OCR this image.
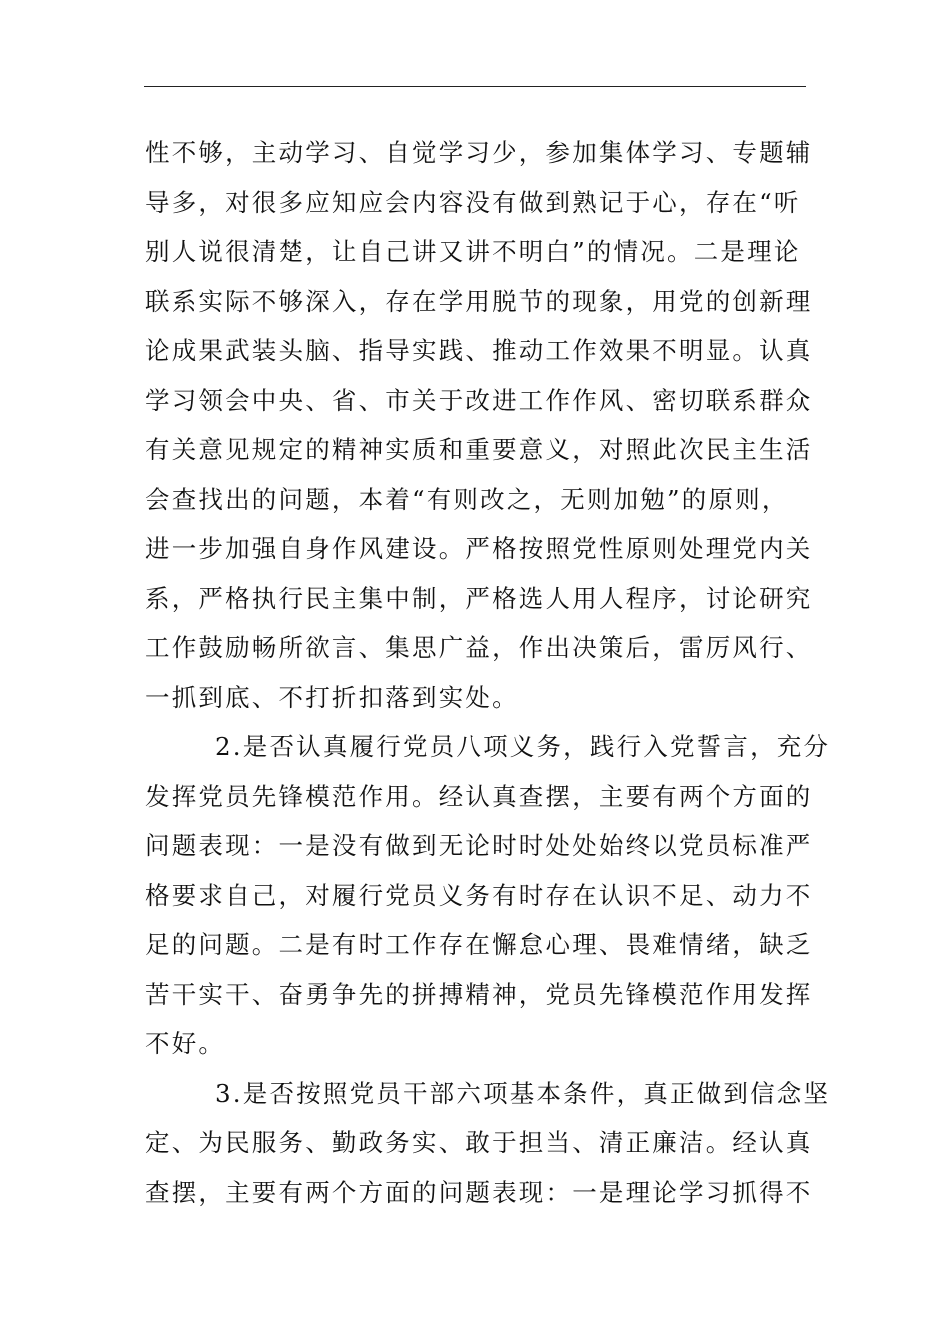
性不够，主动学习、自觉学习少，参加集体学习、专题辅
导多，对很多应知应会内容没有做到熟记于心，存在“听
别人说很清楚，让自己讲又讲不明白”的情况。二是理论
联系实际不够深入，存在学用脱节的现象，用党的创新理
论成果武装头脑、指导实践、推动工作效果不明显。认真
学习领会中央、省、市关于改进工作作风、密切联系群众
有关意见规定的精神实质和重要意义，对照此次民主生活
会查找出的问题，本着“有则改之，无则加勉”的原则，
进一步加强自身作风建设。严格按照党性原则处理党内关
系，严格执行民主集中制，严格选人用人程序，讨论研究
工作鼓励畅所欲言、集思广益，作出决策后，雷厉风行、
一抓到底、不打折扣落到实处。

2.是否认真履行党员八项义务，践行入党誓言，充分
发挥党员先锋模范作用。经认真查摆，主要有两个方面的
问题表现：一是没有做到无论时时处处始终以党员标准严
格要求自己，对履行党员义务有时存在认识不足、动力不
足的问题。二是有时工作存在懈怠心理、畏难情绪，缺乏
苦干实干、奋勇争先的拼搏精神，党员先锋模范作用发挥
不好。

3.是否按照党员干部六项基本条件，真正做到信念坚
定、为民服务、勤政务实、敢于担当、清正廉洁。经认真
查摆，主要有两个方面的问题表现：一是理论学习抓得不
